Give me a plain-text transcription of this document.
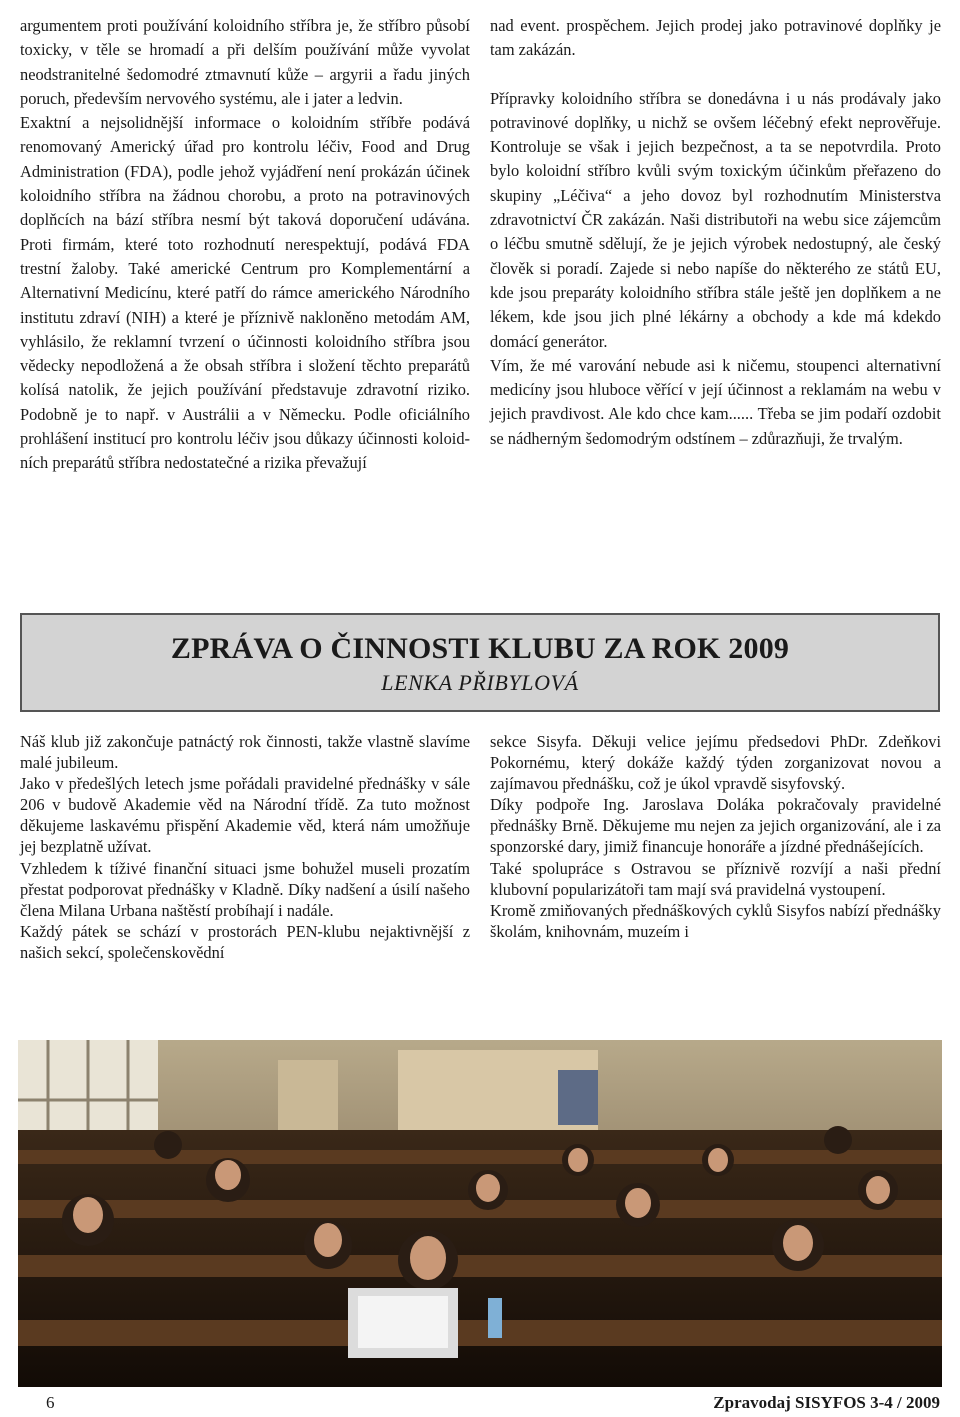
argumentem proti používání koloidního stříbra je, že stříbro působí toxicky, v těle se hromadí a při delším používání může vyvolat neodstranitelné šedomodré ztmavnutí kůže – argyrii a řadu jiných poruch, především nervového systému, ale i jater a ledvin.

Exaktní a nejsolidnější informace o koloidním stříbře podává renomovaný Americký úřad pro kontrolu léčiv, Food and Drug Administration (FDA), podle jehož vyjádření není prokázán účinek koloidního stříbra na žádnou chorobu, a proto na potravinových doplňcích na bází stříbra nesmí být taková doporučení udávána. Proti firmám, které toto rozhodnutí nerespektují, podává FDA trestní žaloby. Také americké Centrum pro Komplementární a Alternativní Medicínu, které patří do rámce amerického Národního institutu zdraví (NIH) a které je příznivě nakloněno metodám AM, vyhlásilo, že reklamní tvrzení o účinnosti koloidního stříbra jsou vědecky nepodložená a že obsah stříbra i složení těchto preparátů kolísá natolik, že jejich používání představuje zdravotní riziko. Podobně je to např. v Austrálii a v Německu. Podle oficiálního prohlášení institucí pro kontrolu léčiv jsou důkazy účinnosti koloidních preparátů stříbra nedostatečné a rizika převažují

nad event. prospěchem. Jejich prodej jako potravinové doplňky je tam zakázán.

Přípravky koloidního stříbra se donedávna i u nás prodávaly jako potravinové doplňky, u nichž se ovšem léčebný efekt neprověřuje. Kontroluje se však i jejich bezpečnost, a ta se nepotvrdila. Proto bylo koloidní stříbro kvůli svým toxickým účinkům přeřazeno do skupiny „Léčiva“ a jeho dovoz byl rozhodnutím Ministerstva zdravotnictví ČR zakázán. Naši distributoři na webu sice zájemcům o léčbu smutně sdělují, že je jejich výrobek nedostupný, ale český člověk si poradí. Zajede si nebo napíše do některého ze států EU, kde jsou preparáty koloidního stříbra stále ještě jen doplňkem a ne lékem, kde jsou jich plné lékárny a obchody a kde má kdekdo domácí generátor.

Vím, že mé varování nebude asi k ničemu, stoupenci alternativní medicíny jsou hluboce věřící v její účinnost a reklamám na webu v jejich pravdivost. Ale kdo chce kam...... Třeba se jim podaří ozdobit se nádherným šedomodrým odstínem – zdůrazňuji, že trvalým.

ZPRÁVA O ČINNOSTI KLUBU ZA ROK 2009
LENKA PŘIBYLOVÁ

Náš klub již zakončuje patnáctý rok činnosti, takže vlastně slavíme malé jubileum.

Jako v předešlých letech jsme pořádali pravidelné přednášky v sále 206 v budově Akademie věd na Národní třídě. Za tuto možnost děkujeme laskavému přispění Akademie věd, která nám umožňuje jej bezplatně užívat.

Vzhledem k tíživé finanční situaci jsme bohužel museli prozatím přestat podporovat přednášky v Kladně. Díky nadšení a úsilí našeho člena Milana Urbana naštěstí probíhají i nadále.

Každý pátek se schází v prostorách PEN-klubu nejaktivnější z našich sekcí, společenskovědní

sekce Sisyfa. Děkuji velice jejímu předsedovi PhDr. Zdeňkovi Pokornému, který dokáže každý týden zorganizovat novou a zajímavou přednášku, což je úkol vpravdě sisyfovský.

Díky podpoře Ing. Jaroslava Doláka pokračovaly pravidelné přednášky Brně. Děkujeme mu nejen za jejich organizování, ale i za sponzorské dary, jimiž financuje honoráře a jízdné přednášejících.

Také spolupráce s Ostravou se příznivě rozvíjí a naši přední klubovní popularizátoři tam mají svá pravidelná vystoupení.

Kromě zmiňovaných přednáškových cyklů Sisyfos nabízí přednášky školám, knihovnám, muzeím i

6	Zpravodaj SISYFOS 3-4 / 2009
